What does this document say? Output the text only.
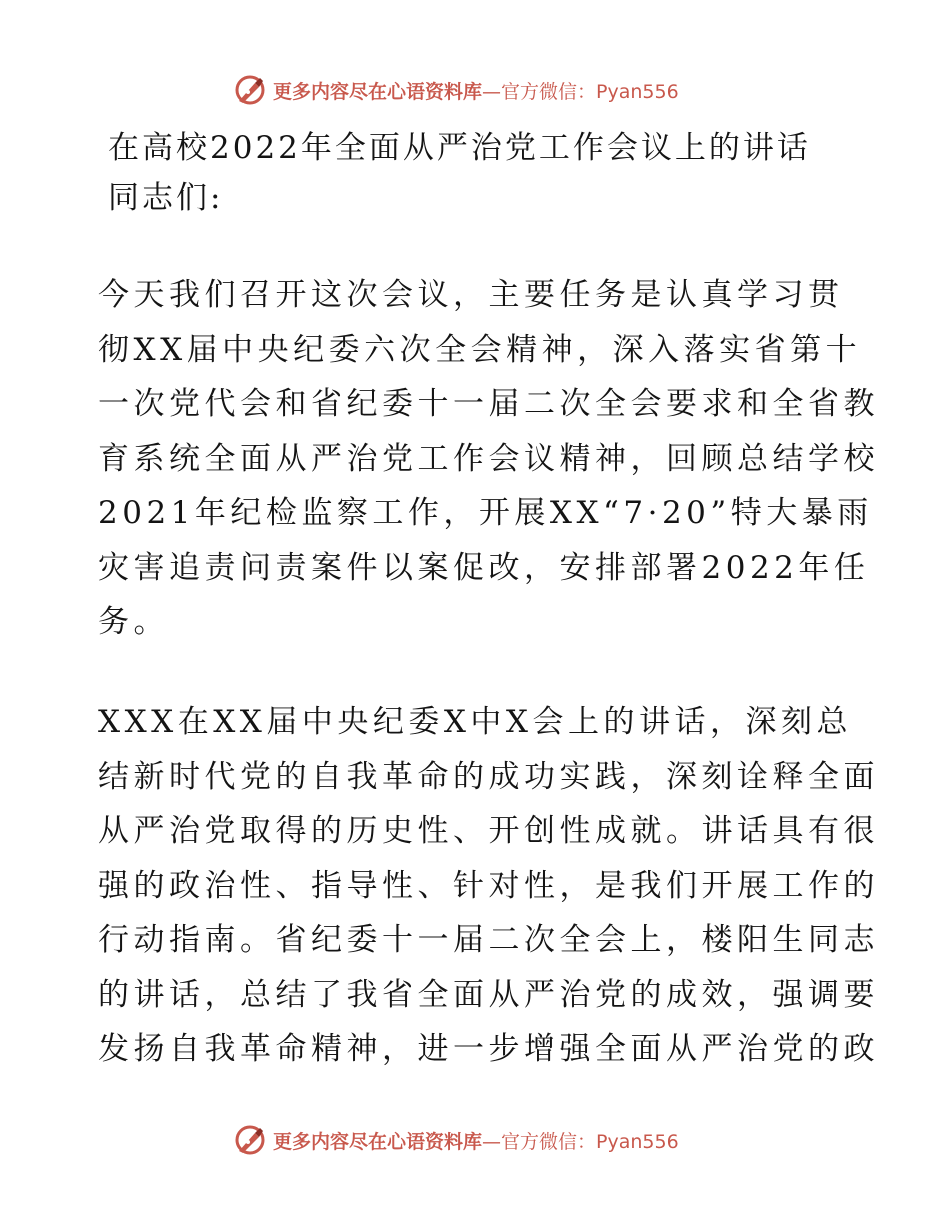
更多内容尽在心语资料库—官方微信：Pyan556
在高校2022年全面从严治党工作会议上的讲话
同志们:
今天我们召开这次会议，主要任务是认真学习贯
彻XX届中央纪委六次全会精神，深入落实省第十
一次党代会和省纪委十一届二次全会要求和全省教
育系统全面从严治党工作会议精神，回顾总结学校
2021年纪检监察工作，开展XX“7·20”特大暴雨
灾害追责问责案件以案促改，安排部署2022年任
务。
XXX在XX届中央纪委X中X会上的讲话，深刻总
结新时代党的自我革命的成功实践，深刻诠释全面
从严治党取得的历史性、开创性成就。讲话具有很
强的政治性、指导性、针对性，是我们开展工作的
行动指南。省纪委十一届二次全会上，楼阳生同志
的讲话，总结了我省全面从严治党的成效，强调要
发扬自我革命精神，进一步增强全面从严治党的政
更多内容尽在心语资料库—官方微信：Pyan556
